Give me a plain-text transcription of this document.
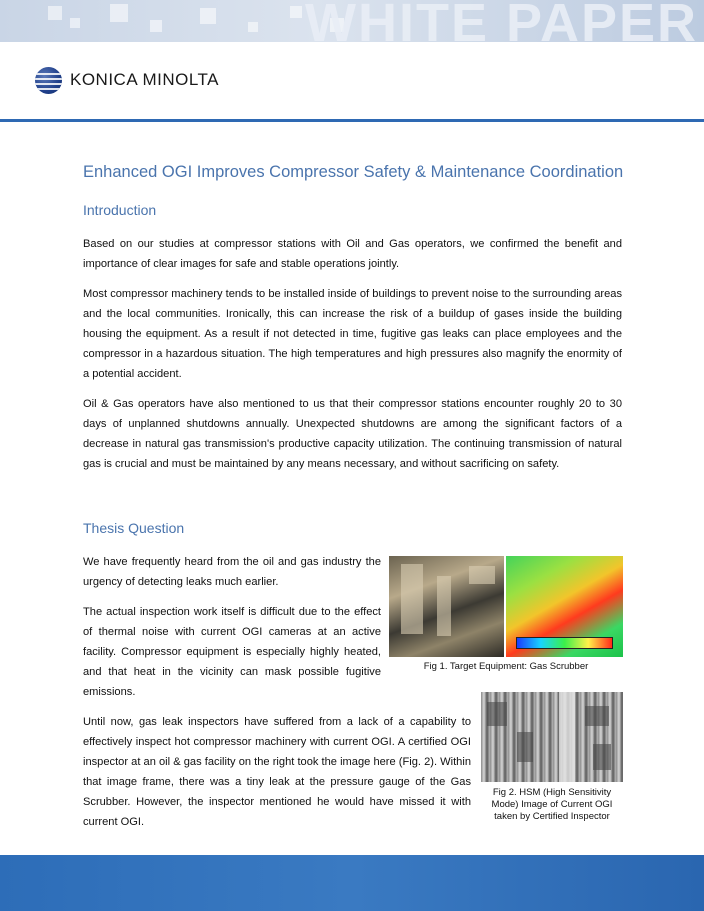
WHITE PAPER
KONICA MINOLTA
Enhanced OGI Improves Compressor Safety & Maintenance Coordination
Introduction

Based on our studies at compressor stations with Oil and Gas operators, we confirmed the benefit and importance of clear images for safe and stable operations jointly.

Most compressor machinery tends to be installed inside of buildings to prevent noise to the surrounding areas and the local communities. Ironically, this can increase the risk of a buildup of gases inside the building housing the equipment. As a result if not detected in time, fugitive gas leaks can place employees and the compressor in a hazardous situation. The high temperatures and high pressures also magnify the enormity of a potential accident.

Oil & Gas operators have also mentioned to us that their compressor stations encounter roughly 20 to 30 days of unplanned shutdowns annually. Unexpected shutdowns are among the significant factors of a decrease in natural gas transmission's productive capacity utilization. The continuing transmission of natural gas is crucial and must be maintained by any means necessary, and without sacrificing on safety.

Thesis Question

We have frequently heard from the oil and gas industry the urgency of detecting leaks much earlier.

The actual inspection work itself is difficult due to the effect of thermal noise with current OGI cameras at an active facility. Compressor equipment is especially highly heated, and that heat in the vicinity can mask possible fugitive emissions.

Until now, gas leak inspectors have suffered from a lack of a capability to effectively inspect hot compressor machinery with current OGI. A certified OGI inspector at an oil & gas facility on the right took the image here (Fig. 2). Within that image frame, there was a tiny leak at the pressure gauge of the Gas Scrubber. However, the inspector mentioned he would have missed it with current OGI.

Fig 1. Target Equipment: Gas Scrubber
Fig 2. HSM (High Sensitivity Mode) Image of Current OGI taken by Certified Inspector
